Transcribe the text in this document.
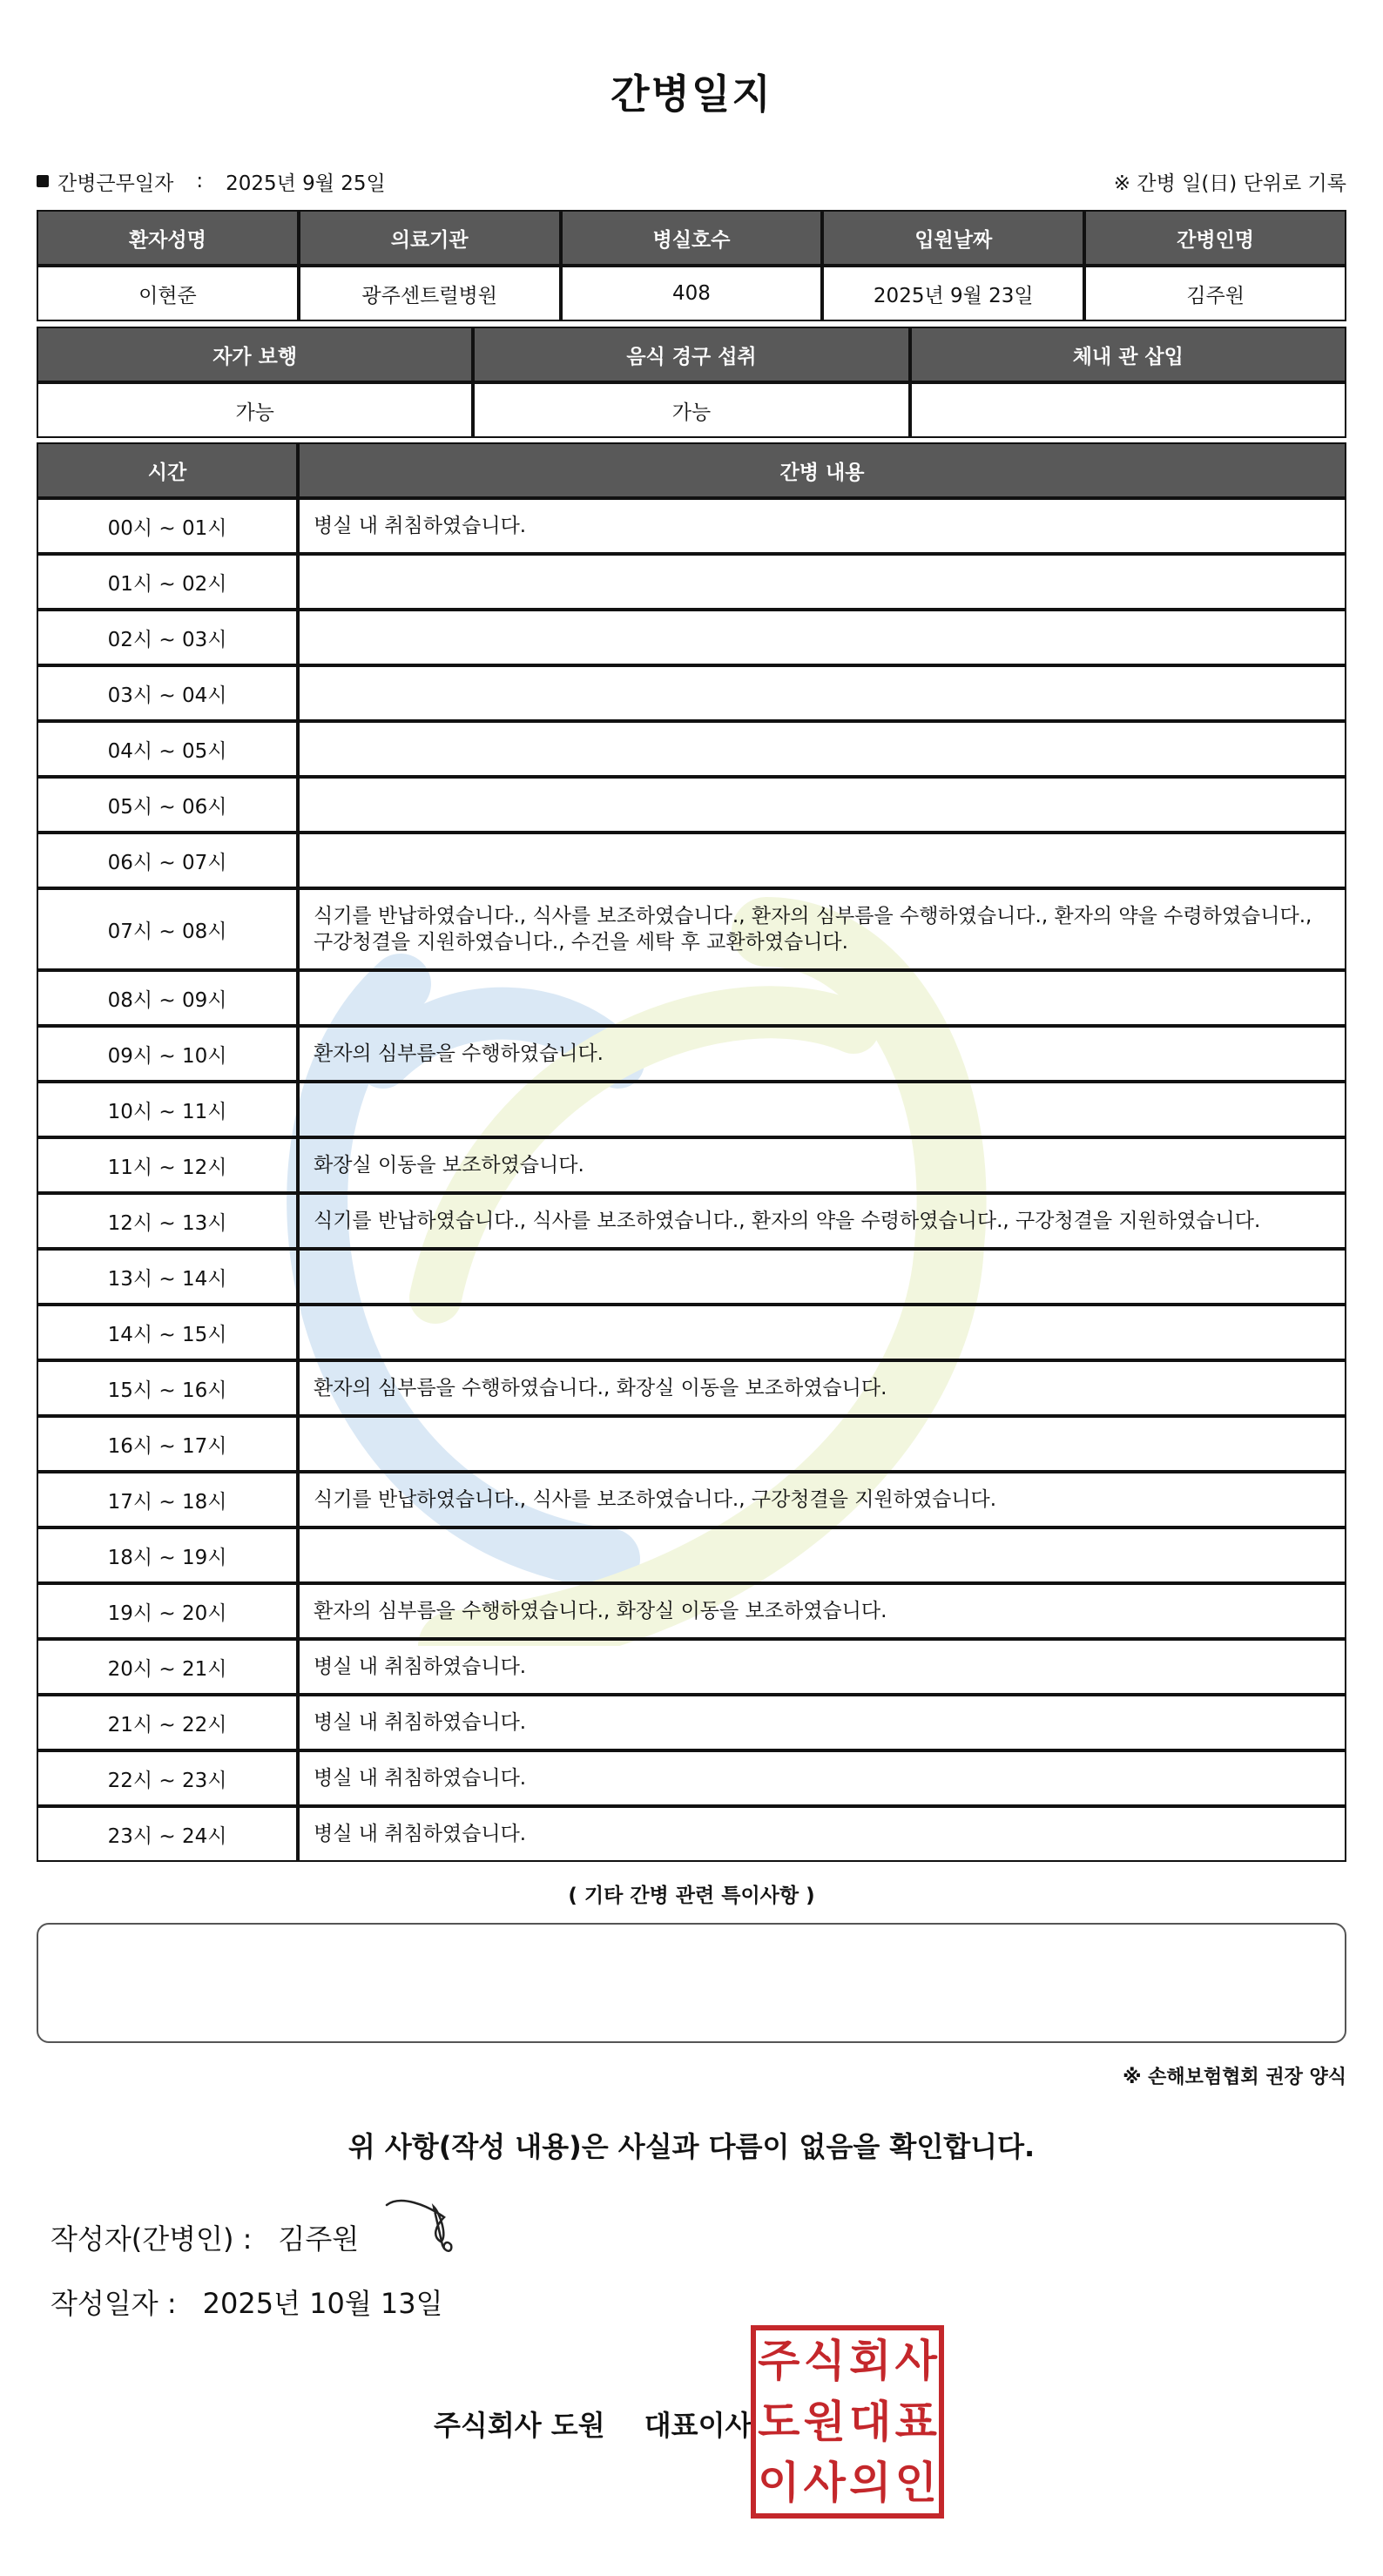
간병일지
간병근무일자 : 2025년 9월 25일	※ 간병 일(日) 단위로 기록
환자성명	의료기관	병실호수	입원날짜	간병인명
이현준	광주센트럴병원	408	2025년 9월 23일	김주원
자가 보행	음식 경구 섭취	체내 관 삽입
가능	가능	
시간	간병 내용
00시 ~ 01시	병실 내 취침하였습니다.
01시 ~ 02시	
02시 ~ 03시	
03시 ~ 04시	
04시 ~ 05시	
05시 ~ 06시	
06시 ~ 07시	
07시 ~ 08시	식기를 반납하였습니다., 식사를 보조하였습니다., 환자의 심부름을 수행하였습니다., 환자의 약을 수령하였습니다., 구강청결을 지원하였습니다., 수건을 세탁 후 교환하였습니다.
08시 ~ 09시	
09시 ~ 10시	환자의 심부름을 수행하였습니다.
10시 ~ 11시	
11시 ~ 12시	화장실 이동을 보조하였습니다.
12시 ~ 13시	식기를 반납하였습니다., 식사를 보조하였습니다., 환자의 약을 수령하였습니다., 구강청결을 지원하였습니다.
13시 ~ 14시	
14시 ~ 15시	
15시 ~ 16시	환자의 심부름을 수행하였습니다., 화장실 이동을 보조하였습니다.
16시 ~ 17시	
17시 ~ 18시	식기를 반납하였습니다., 식사를 보조하였습니다., 구강청결을 지원하였습니다.
18시 ~ 19시	
19시 ~ 20시	환자의 심부름을 수행하였습니다., 화장실 이동을 보조하였습니다.
20시 ~ 21시	병실 내 취침하였습니다.
21시 ~ 22시	병실 내 취침하였습니다.
22시 ~ 23시	병실 내 취침하였습니다.
23시 ~ 24시	병실 내 취침하였습니다.
( 기타 간병 관련 특이사항 )
※ 손해보험협회 권장 양식
위 사항(작성 내용)은 사실과 다름이 없음을 확인합니다.
작성자(간병인) : 김주원
작성일자 : 2025년 10월 13일
주식회사 도원 대표이사
주 식 회 사
도 원 대 표
이 사 의 인
